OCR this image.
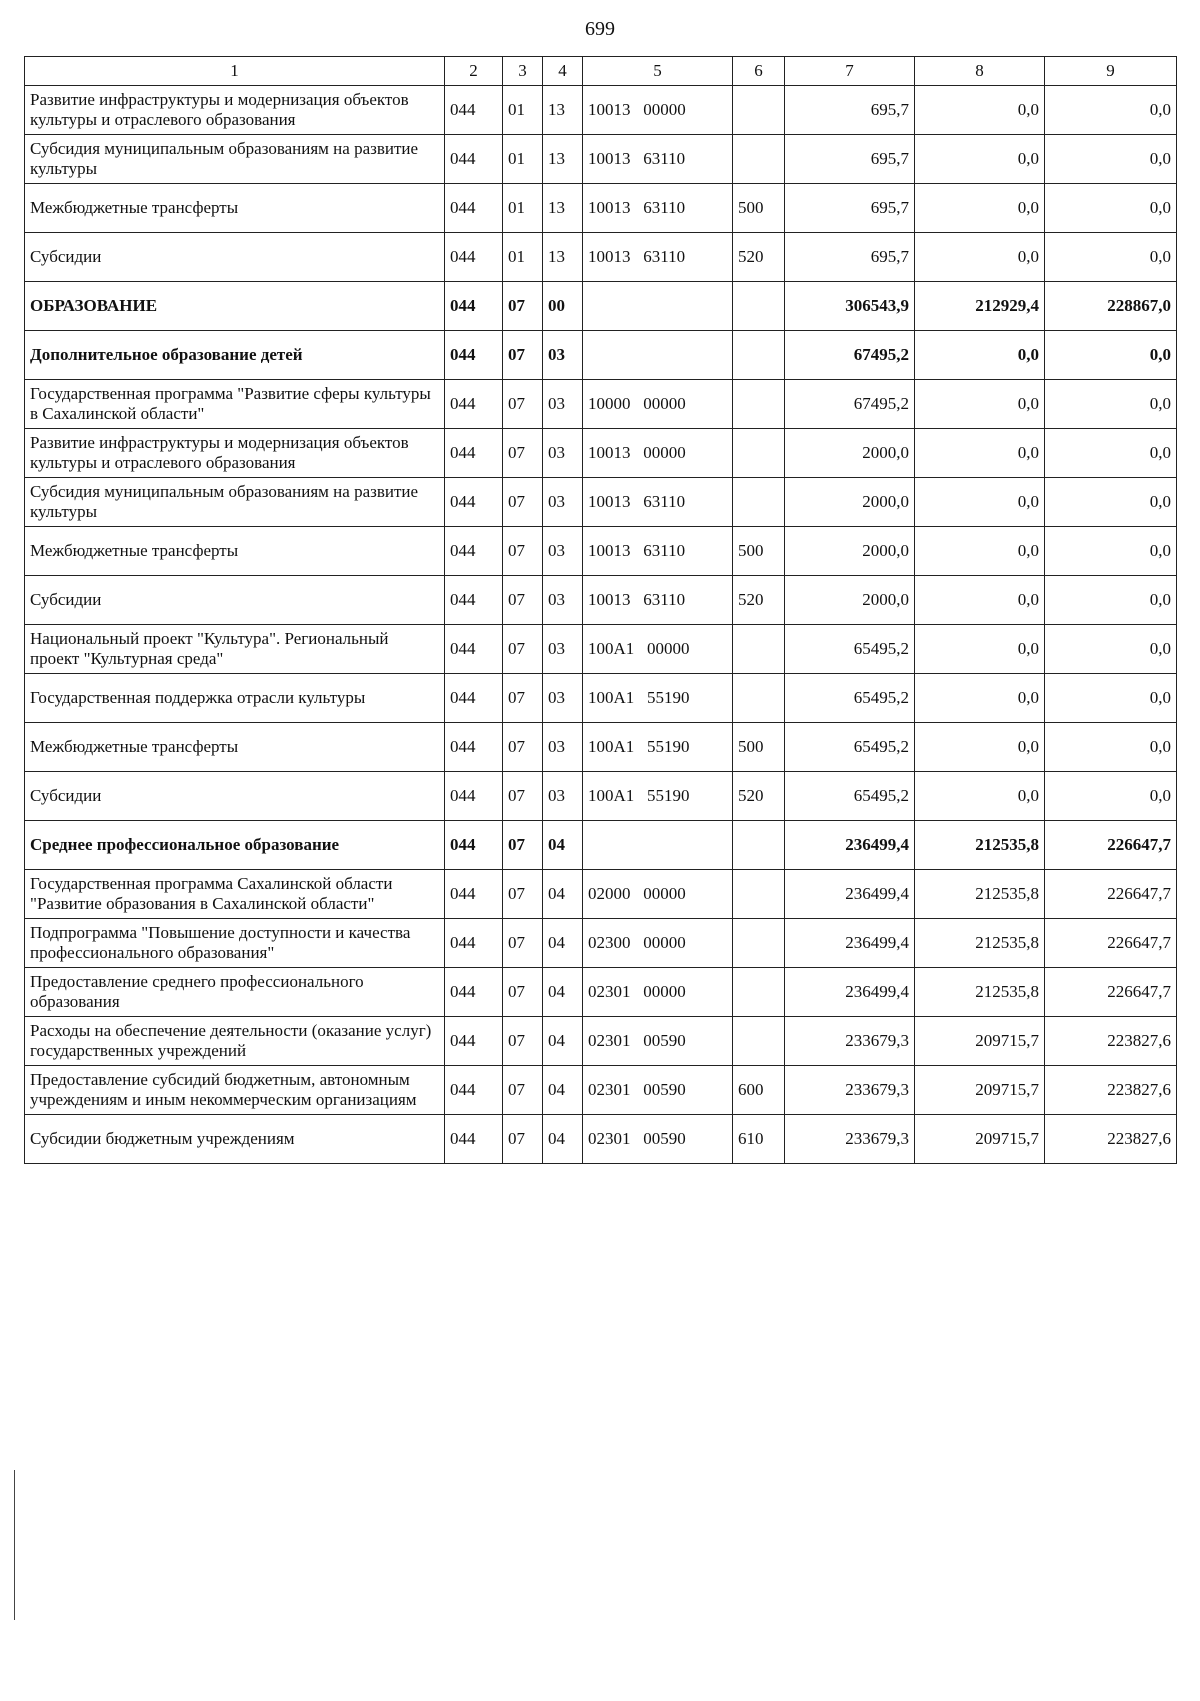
699
1	2	3	4	5	6	7	8	9
Развитие инфраструктуры и модернизация объектов культуры и отраслевого образования	044	01	13	10013 00000		695,7	0,0	0,0
Субсидия муниципальным образованиям на развитие культуры	044	01	13	10013 63110		695,7	0,0	0,0
Межбюджетные трансферты	044	01	13	10013 63110	500	695,7	0,0	0,0
Субсидии	044	01	13	10013 63110	520	695,7	0,0	0,0
ОБРАЗОВАНИЕ	044	07	00			306543,9	212929,4	228867,0
Дополнительное образование детей	044	07	03			67495,2	0,0	0,0
Государственная программа "Развитие сферы культуры в Сахалинской области"	044	07	03	10000 00000		67495,2	0,0	0,0
Развитие инфраструктуры и модернизация объектов культуры и отраслевого образования	044	07	03	10013 00000		2000,0	0,0	0,0
Субсидия муниципальным образованиям на развитие культуры	044	07	03	10013 63110		2000,0	0,0	0,0
Межбюджетные трансферты	044	07	03	10013 63110	500	2000,0	0,0	0,0
Субсидии	044	07	03	10013 63110	520	2000,0	0,0	0,0
Национальный проект "Культура". Региональный проект "Культурная среда"	044	07	03	100A1 00000		65495,2	0,0	0,0
Государственная поддержка отрасли культуры	044	07	03	100A1 55190		65495,2	0,0	0,0
Межбюджетные трансферты	044	07	03	100A1 55190	500	65495,2	0,0	0,0
Субсидии	044	07	03	100A1 55190	520	65495,2	0,0	0,0
Среднее профессиональное образование	044	07	04			236499,4	212535,8	226647,7
Государственная программа Сахалинской области "Развитие образования в Сахалинской области"	044	07	04	02000 00000		236499,4	212535,8	226647,7
Подпрограмма "Повышение доступности и качества профессионального образования"	044	07	04	02300 00000		236499,4	212535,8	226647,7
Предоставление среднего профессионального образования	044	07	04	02301 00000		236499,4	212535,8	226647,7
Расходы на обеспечение деятельности (оказание услуг) государственных учреждений	044	07	04	02301 00590		233679,3	209715,7	223827,6
Предоставление субсидий бюджетным, автономным учреждениям и иным некоммерческим организациям	044	07	04	02301 00590	600	233679,3	209715,7	223827,6
Субсидии бюджетным учреждениям	044	07	04	02301 00590	610	233679,3	209715,7	223827,6
